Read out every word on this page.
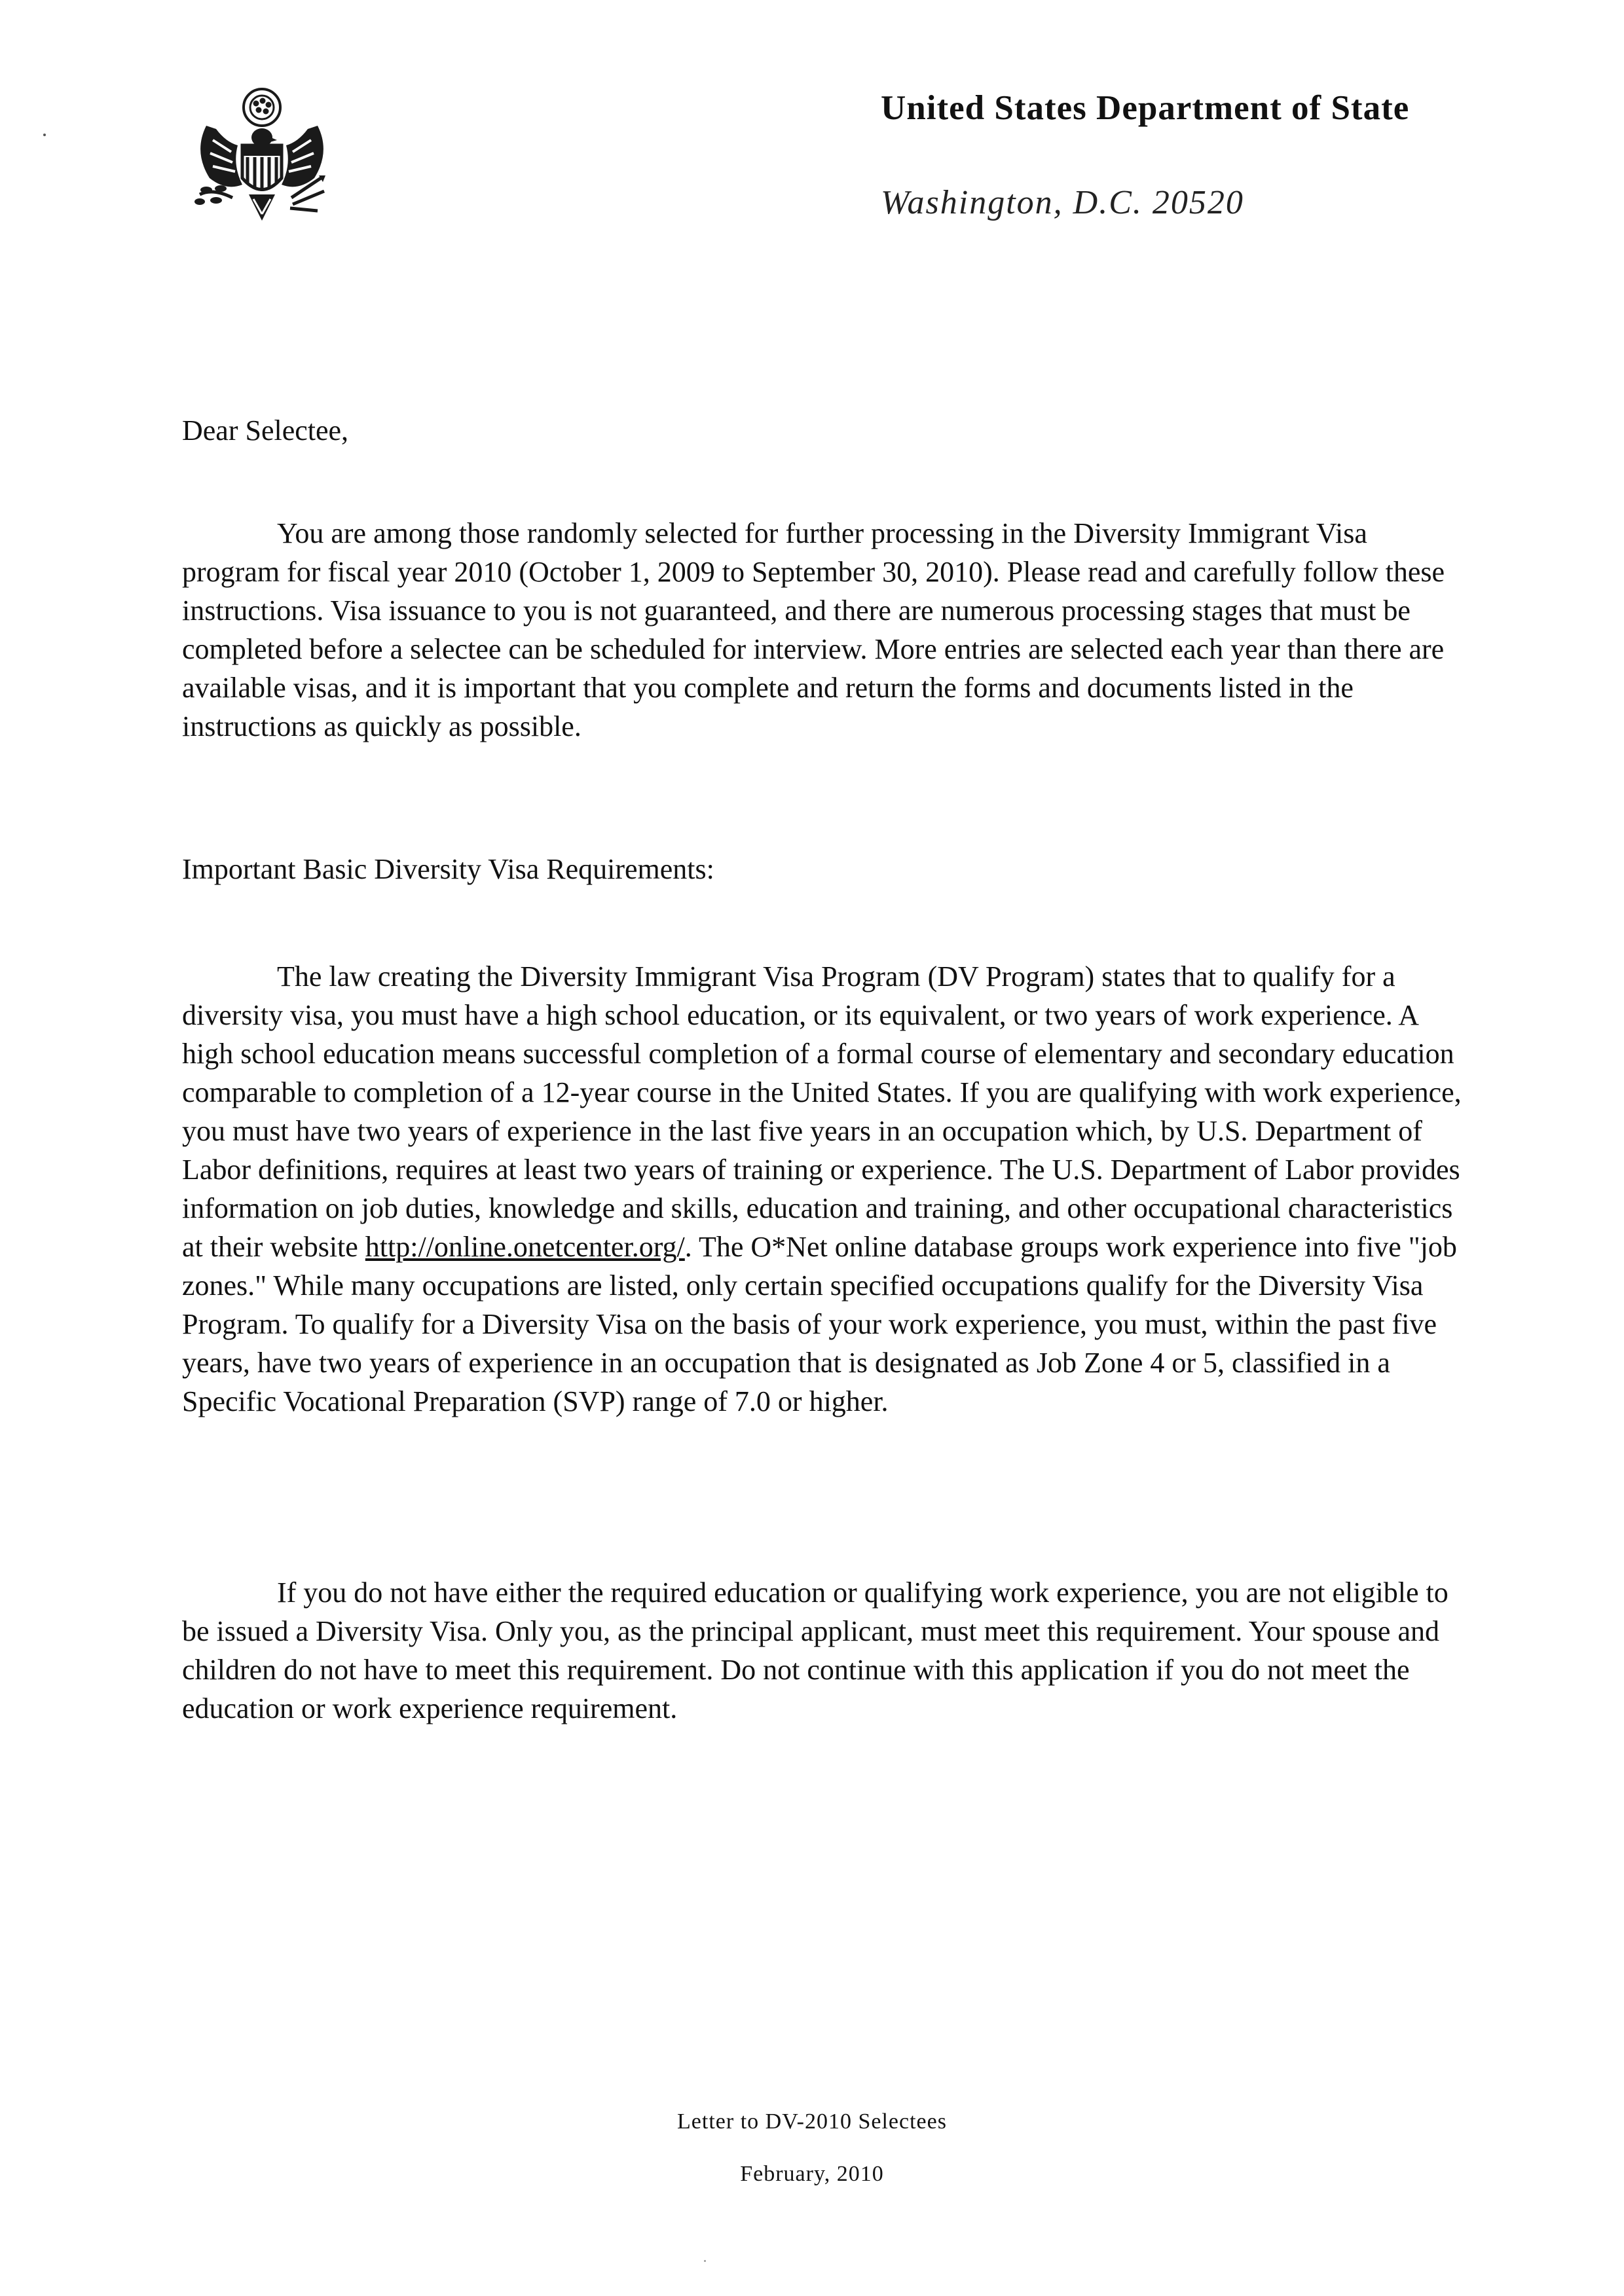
United States Department of State
Washington, D.C. 20520
Dear Selectee,

You are among those randomly selected for further processing in the Diversity Immigrant Visa program for fiscal year 2010 (October 1, 2009 to September 30, 2010). Please read and carefully follow these instructions. Visa issuance to you is not guaranteed, and there are numerous processing stages that must be completed before a selectee can be scheduled for interview. More entries are selected each year than there are available visas, and it is important that you complete and return the forms and documents listed in the instructions as quickly as possible.

Important Basic Diversity Visa Requirements:

The law creating the Diversity Immigrant Visa Program (DV Program) states that to qualify for a diversity visa, you must have a high school education, or its equivalent, or two years of work experience. A high school education means successful completion of a formal course of elementary and secondary education comparable to completion of a 12-year course in the United States. If you are qualifying with work experience, you must have two years of experience in the last five years in an occupation which, by U.S. Department of Labor definitions, requires at least two years of training or experience. The U.S. Department of Labor provides information on job duties, knowledge and skills, education and training, and other occupational characteristics at their website http://online.onetcenter.org/. The O*Net online database groups work experience into five "job zones." While many occupations are listed, only certain specified occupations qualify for the Diversity Visa Program. To qualify for a Diversity Visa on the basis of your work experience, you must, within the past five years, have two years of experience in an occupation that is designated as Job Zone 4 or 5, classified in a Specific Vocational Preparation (SVP) range of 7.0 or higher.

If you do not have either the required education or qualifying work experience, you are not eligible to be issued a Diversity Visa. Only you, as the principal applicant, must meet this requirement. Your spouse and children do not have to meet this requirement. Do not continue with this application if you do not meet the education or work experience requirement.

Letter to DV-2010 Selectees
February, 2010
